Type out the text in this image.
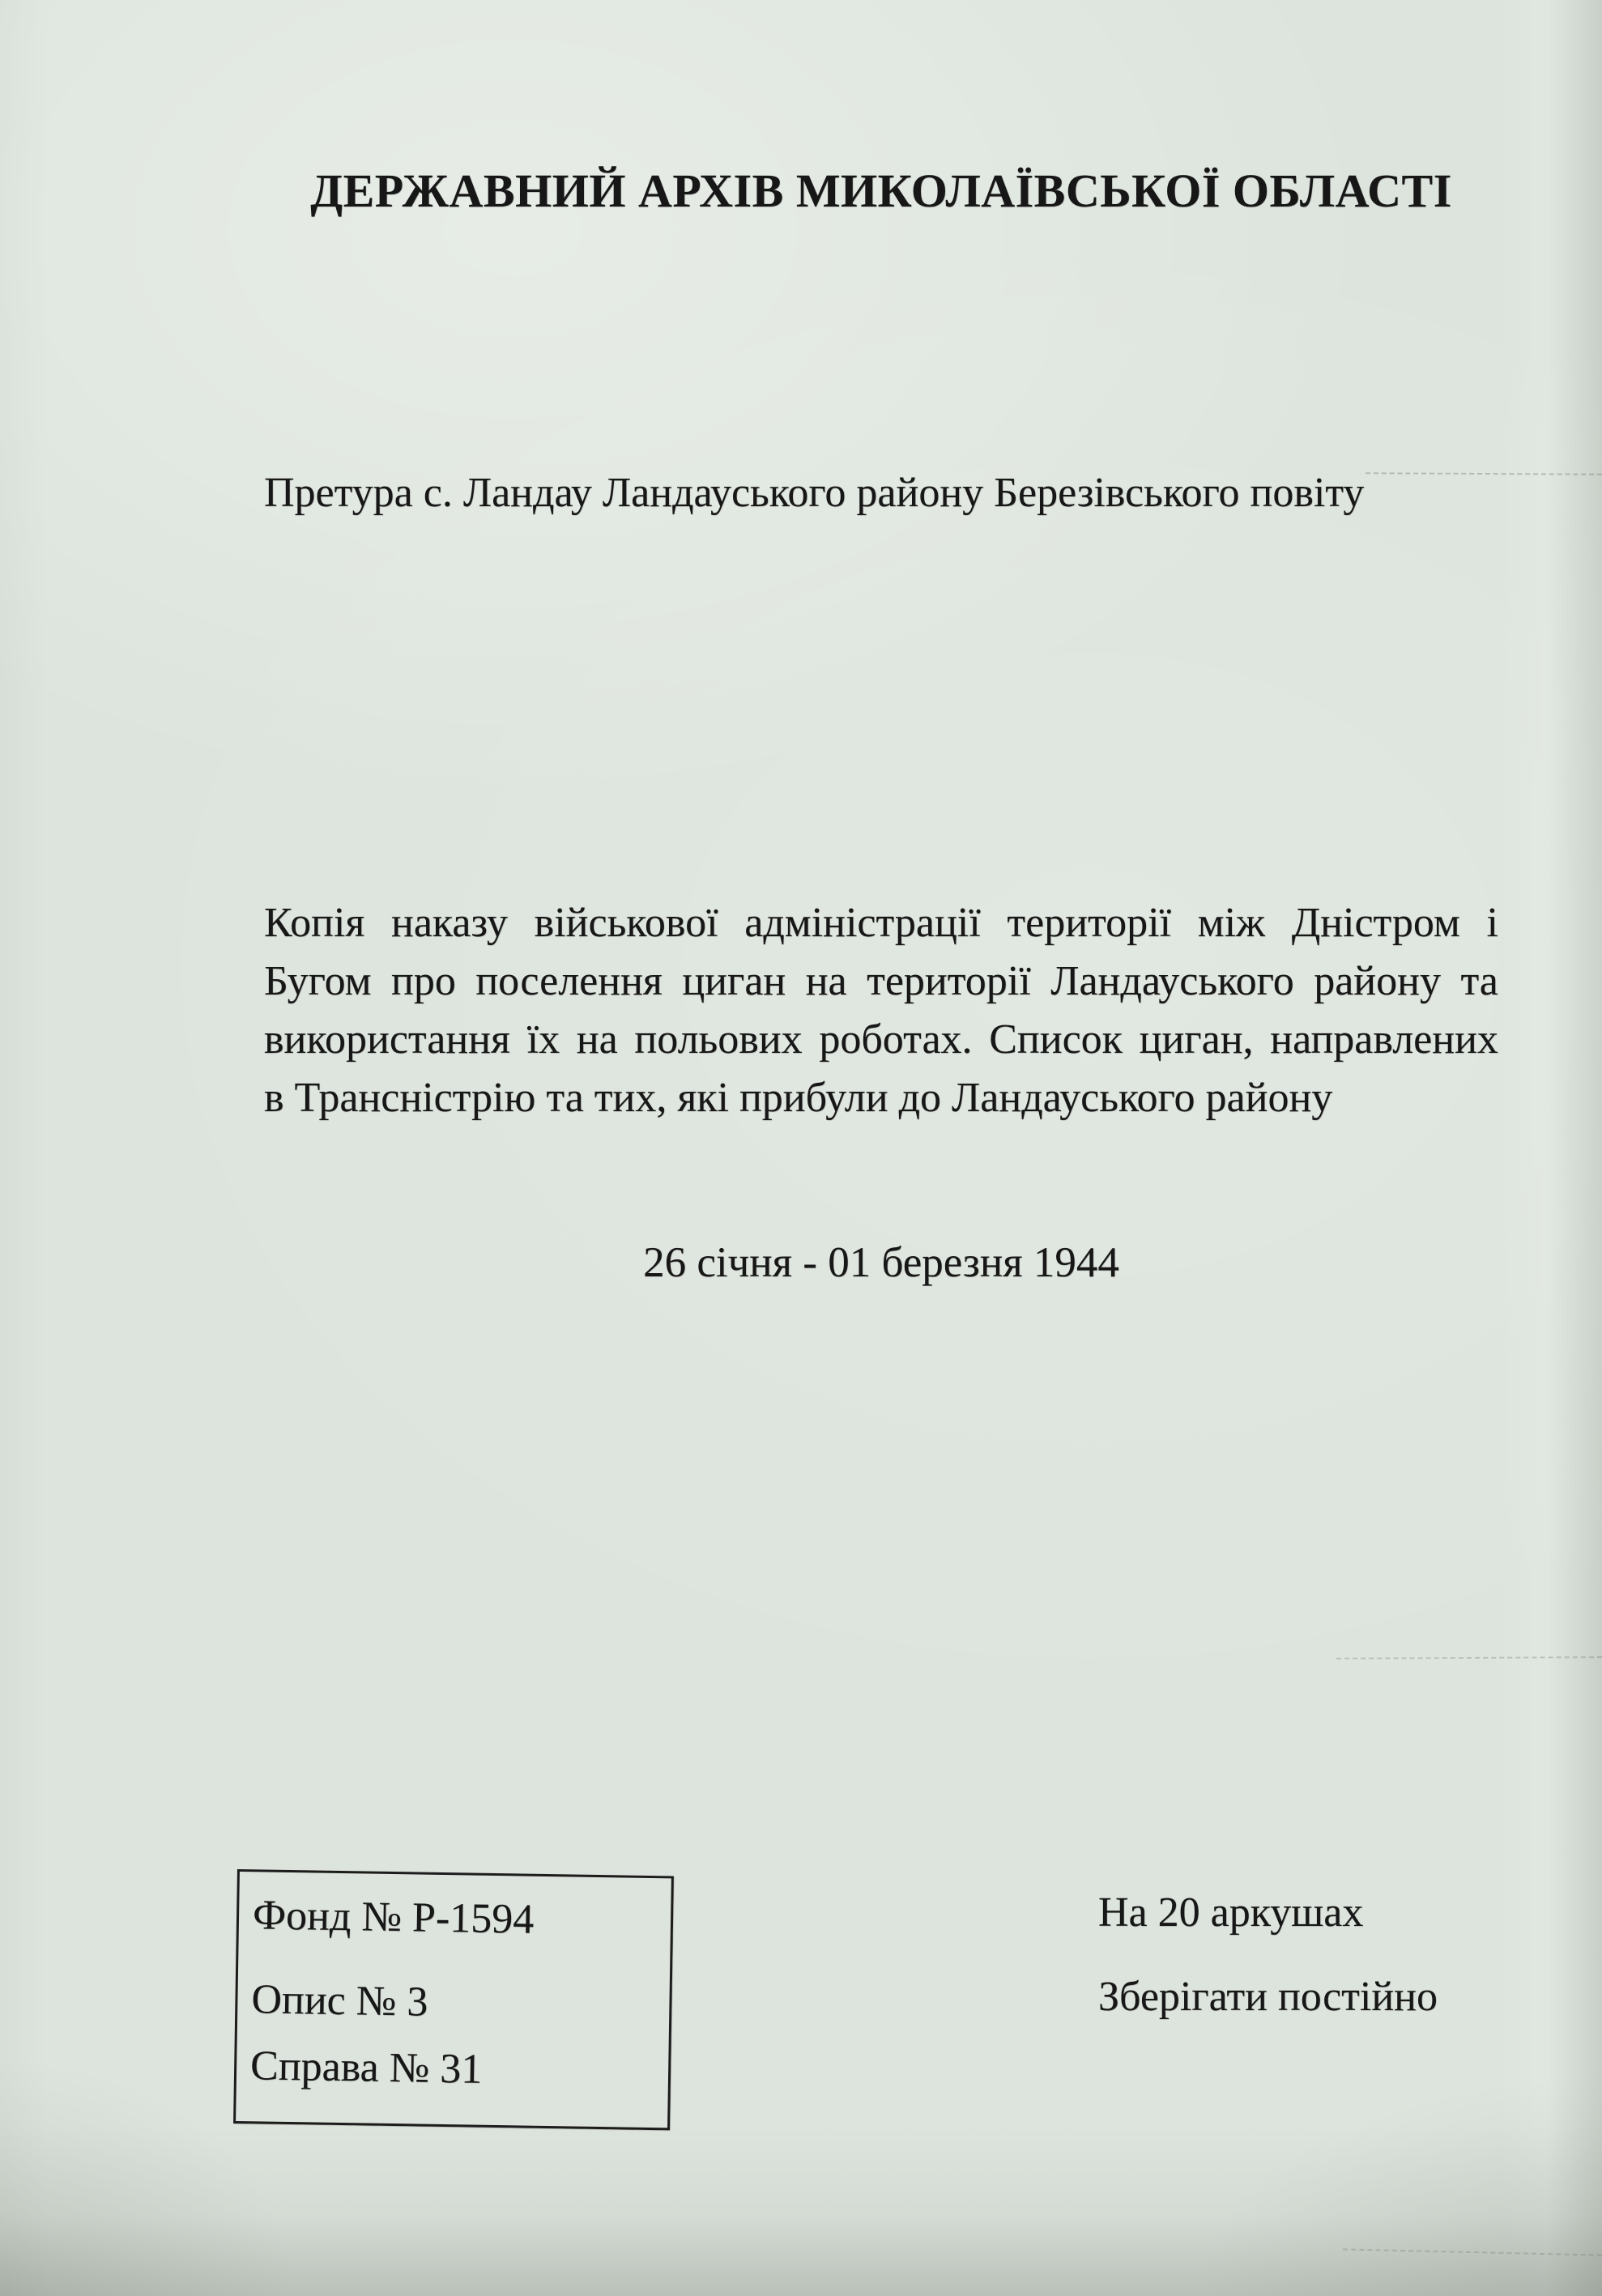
ДЕРЖАВНИЙ АРХІВ МИКОЛАЇВСЬКОЇ ОБЛАСТІ
Претура с. Ландау Ландауського району Березівського повіту
Копія наказу військової адміністрації території між Дністром і
Бугом про поселення циган на території Ландауського району та
використання їх на польових роботах. Список циган, направлених
в Трансністрію та тих, які прибули до Ландауського району
26 січня - 01 березня 1944
Фонд № Р-1594
Опис № 3
Справа № 31
На 20 аркушах
Зберігати постійно
